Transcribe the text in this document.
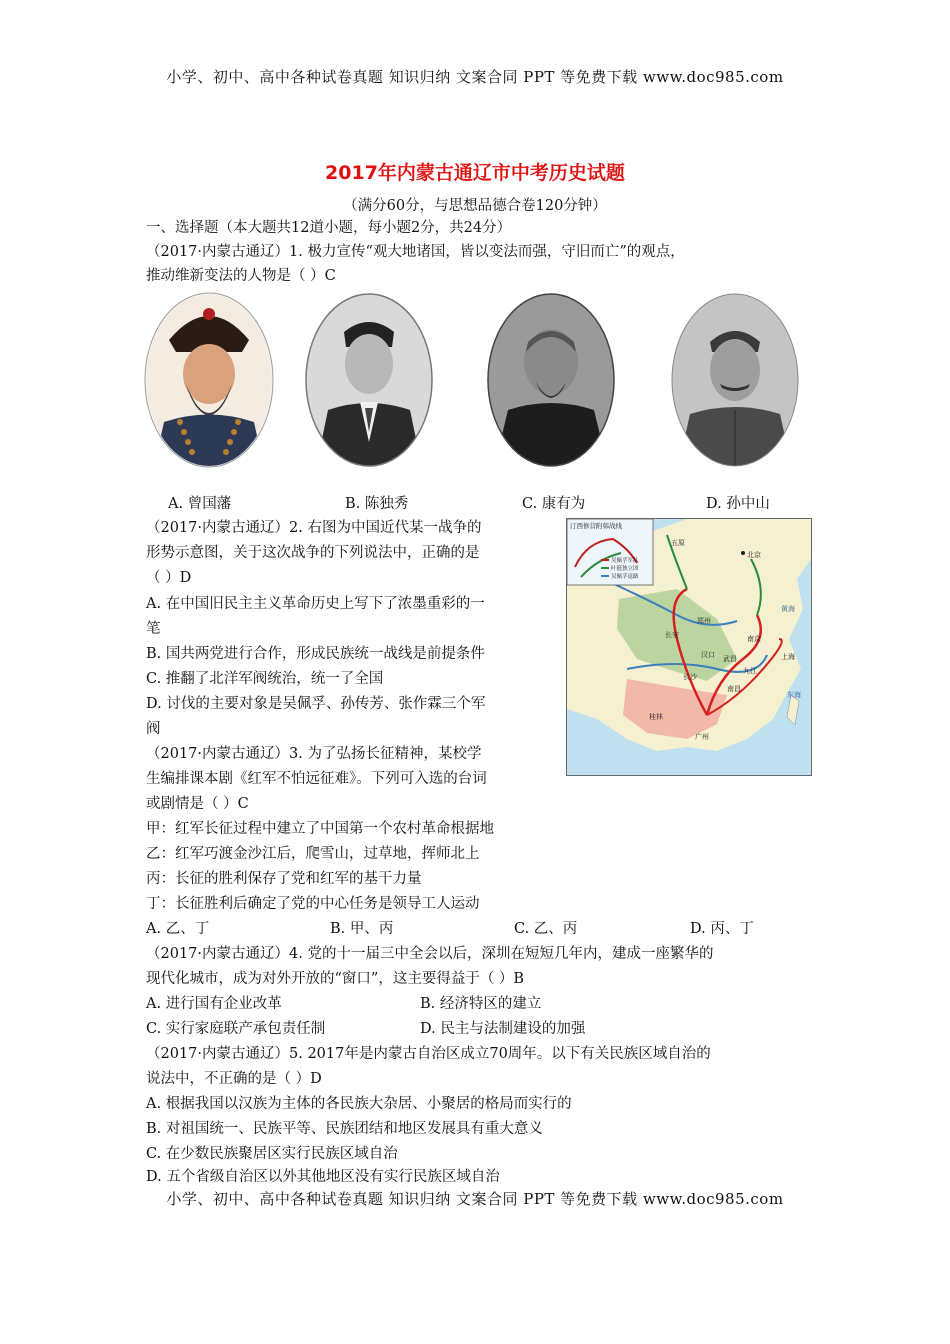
小学、初中、高中各种试卷真题 知识归纳 文案合同 PPT 等免费下载 www.doc985.com
2017年内蒙古通辽市中考历史试题
（满分60分，与思想品德合卷120分钟）
一、选择题（本大题共12道小题，每小题2分，共24分）
（2017·内蒙古通辽）1. 极力宣传“观大地诸国，皆以变法而强，守旧而亡”的观点，
推动维新变法的人物是（ ）C
A. 曾国藩	B. 陈独秀	C. 康有为	D. 孙中山
（2017·内蒙古通辽）2. 右图为中国近代某一战争的
形势示意图，关于这次战争的下列说法中，正确的是
（ ）D
A. 在中国旧民主主义革命历史上写下了浓墨重彩的一
笔
B. 国共两党进行合作，形成民族统一战线是前提条件
C. 推翻了北洋军阀统治，统一了全国
D. 讨伐的主要对象是吴佩孚、孙传芳、张作霖三个军
阀
汀西修营附韩战线
吴佩孚军队
叶挺独立团
吴佩孚退路
北京
长安
郑州
南京
上海
汉口 武昌
九江
长沙
南昌
桂林
广州
五原
黄海
东海
（2017·内蒙古通辽）3. 为了弘扬长征精神，某校学
生编排课本剧《红军不怕远征难》。下列可入选的台词
或剧情是（ ）C
甲：红军长征过程中建立了中国第一个农村革命根据地
乙：红军巧渡金沙江后，爬雪山，过草地，挥师北上
丙：长征的胜利保存了党和红军的基干力量
丁：长征胜利后确定了党的中心任务是领导工人运动
A. 乙、丁	B. 甲、丙	C. 乙、丙	D. 丙、丁
（2017·内蒙古通辽）4. 党的十一届三中全会以后，深圳在短短几年内，建成一座繁华的
现代化城市，成为对外开放的“窗口”，这主要得益于（ ）B
A. 进行国有企业改革	B. 经济特区的建立
C. 实行家庭联产承包责任制	D. 民主与法制建设的加强
（2017·内蒙古通辽）5. 2017年是内蒙古自治区成立70周年。以下有关民族区域自治的
说法中，不正确的是（ ）D
A. 根据我国以汉族为主体的各民族大杂居、小聚居的格局而实行的
B. 对祖国统一、民族平等、民族团结和地区发展具有重大意义
C. 在少数民族聚居区实行民族区域自治
D. 五个省级自治区以外其他地区没有实行民族区域自治
小学、初中、高中各种试卷真题 知识归纳 文案合同 PPT 等免费下载 www.doc985.com
